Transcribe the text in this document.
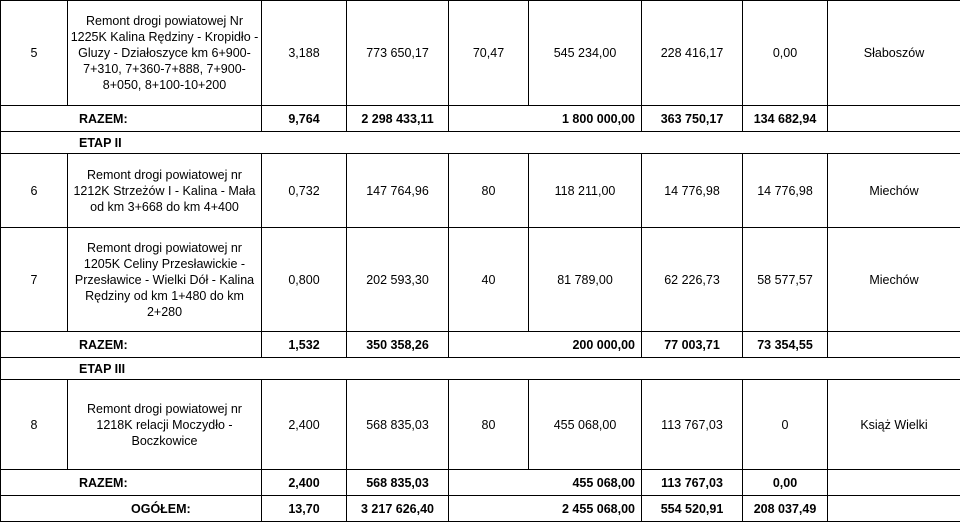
5	Remont drogi powiatowej Nr 1225K Kalina Rędziny - Kropidło - Gluzy - Działoszyce km 6+900-7+310, 7+360-7+888, 7+900-8+050, 8+100-10+200	3,188	773 650,17	70,47	545 234,00	228 416,17	0,00	Słaboszów
RAZEM:		9,764	2 298 433,11	1 800 000,00		363 750,17	134 682,94	
ETAP II								
6	Remont drogi powiatowej nr 1212K Strzeżów I - Kalina - Mała od km 3+668 do km 4+400	0,732	147 764,96	80	118 211,00	14 776,98	14 776,98	Miechów
7	Remont drogi powiatowej nr 1205K Celiny Przesławickie - Przesławice - Wielki Dół - Kalina Rędziny od km 1+480 do km 2+280	0,800	202 593,30	40	81 789,00	62 226,73	58 577,57	Miechów
RAZEM:		1,532	350 358,26	200 000,00		77 003,71	73 354,55	
ETAP III								
8	Remont drogi powiatowej nr 1218K relacji Moczydło - Boczkowice	2,400	568 835,03	80	455 068,00	113 767,03	0	Książ Wielki
RAZEM:		2,400	568 835,03	455 068,00		113 767,03	0,00	
OGÓŁEM:		13,70	3 217 626,40	2 455 068,00		554 520,91	208 037,49	
